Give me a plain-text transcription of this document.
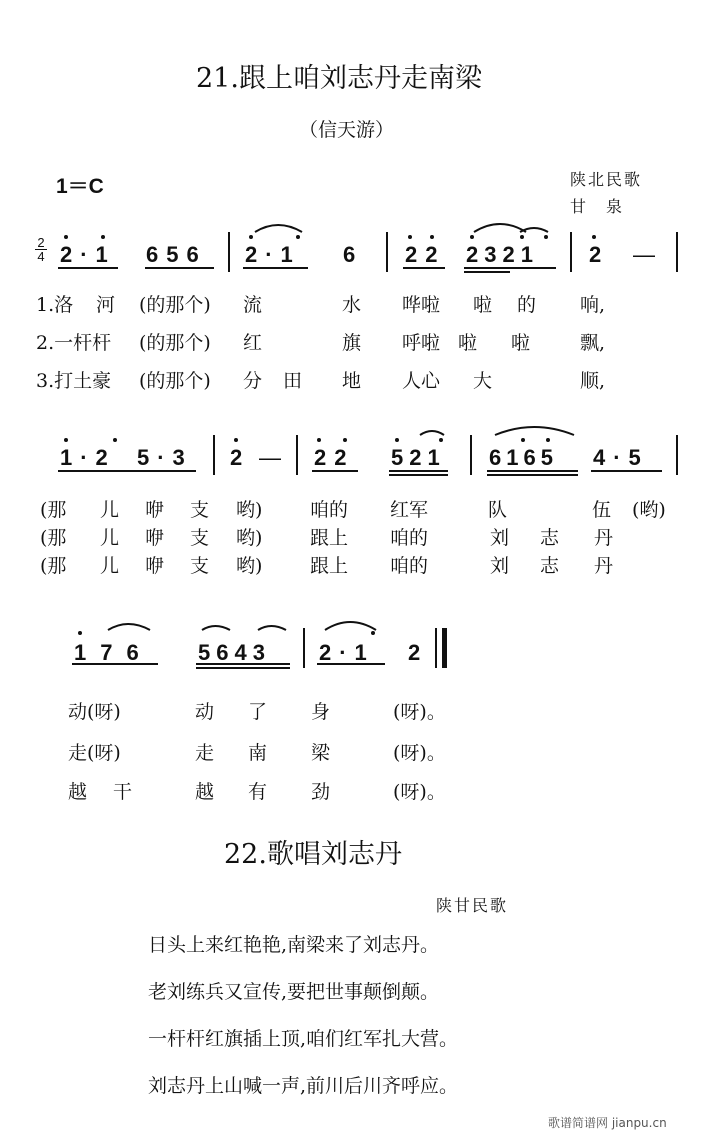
21.跟上咱刘志丹走南梁
（信天游）
1＝C	陕北民歌
甘　泉
2
4 2·1 656 2·1 6 22 2321 2 —
1.洛 河 (的那个) 流	水 哗啦 啦 的 响,
2.一杆杆 (的那个) 红	旗 呼啦 啦 啦	飘,
3.打土豪 (的那个) 分 田 地 人心 大	顺,
1·2 5·3 2 — 22 521 6165 4·5
(那 儿 咿 支 哟)	咱的 红军	队	伍 (哟)
(那 儿 咿 支 哟)	跟上 咱的	刘 志 丹
(那 儿 咿 支 哟)	跟上 咱的	刘 志 丹
176 5643 2·1 2
动(呀)	动 了 身	(呀)。
走(呀)	走 南 梁	(呀)。
越 干	越 有 劲	(呀)。
22.歌唱刘志丹
陕甘民歌
日头上来红艳艳,南梁来了刘志丹。
老刘练兵又宣传,要把世事颠倒颠。
一杆杆红旗插上顶,咱们红军扎大营。
刘志丹上山喊一声,前川后川齐呼应。
歌谱简谱网 jianpu.cn
